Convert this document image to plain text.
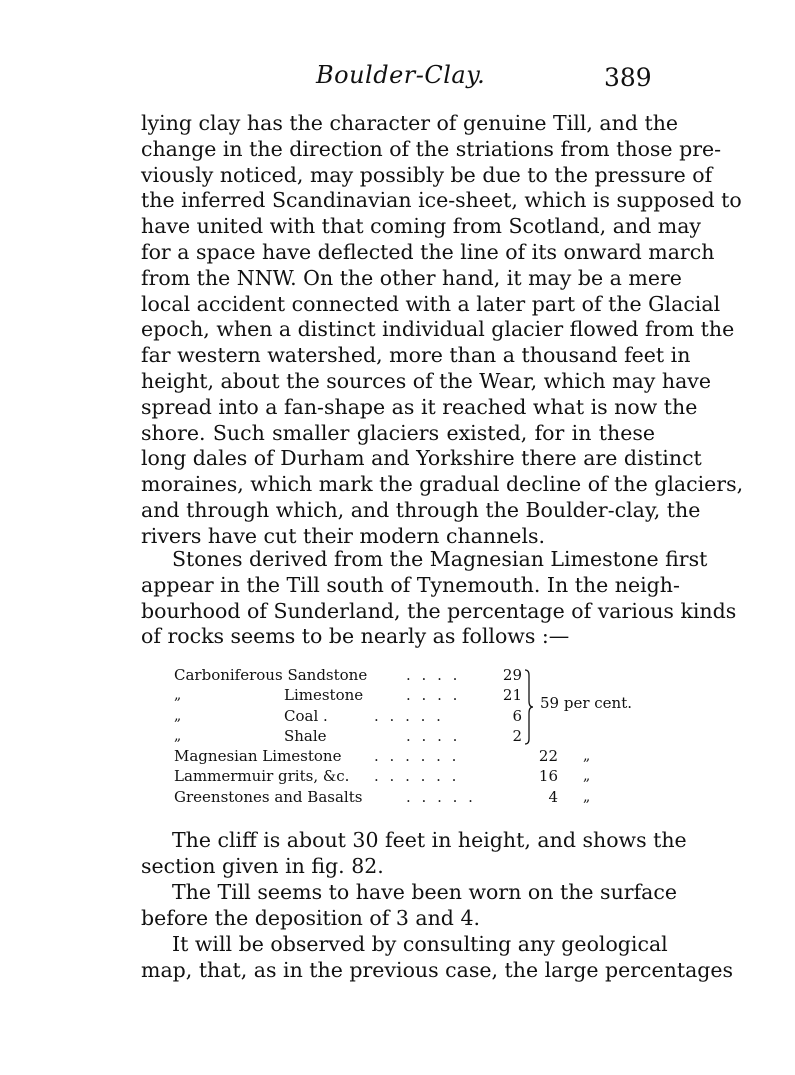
Boulder-Clay.	389
lying clay has the character of genuine Till, and the
change in the direction of the striations from those pre-
viously noticed, may possibly be due to the pressure of
the inferred Scandinavian ice-sheet, which is supposed to
have united with that coming from Scotland, and may
for a space have deflected the line of its onward march
from the NNW. On the other hand, it may be a mere
local accident connected with a later part of the Glacial
epoch, when a distinct individual glacier flowed from the
far western watershed, more than a thousand feet in
height, about the sources of the Wear, which may have
spread into a fan-shape as it reached what is now the
shore. Such smaller glaciers existed, for in these
long dales of Durham and Yorkshire there are distinct
moraines, which mark the gradual decline of the glaciers,
and through which, and through the Boulder-clay, the
rivers have cut their modern channels.
Stones derived from the Magnesian Limestone first
appear in the Till south of Tynemouth. In the neigh-
bourhood of Sunderland, the percentage of various kinds
of rocks seems to be nearly as follows :—
Carboniferous Sandstone	. . . .	29
„	Limestone	. . . .	21
„	Coal .	. . . . .	6
„	Shale	. . . .	2
Magnesian Limestone . . . . . .	22 „
Lammermuir grits, &c. . . . . . .	16 „
Greenstones and Basalts	. . . . .	4 „
59 per cent.
The cliff is about 30 feet in height, and shows the
section given in fig. 82.
The Till seems to have been worn on the surface
before the deposition of 3 and 4.
It will be observed by consulting any geological
map, that, as in the previous case, the large percentages
